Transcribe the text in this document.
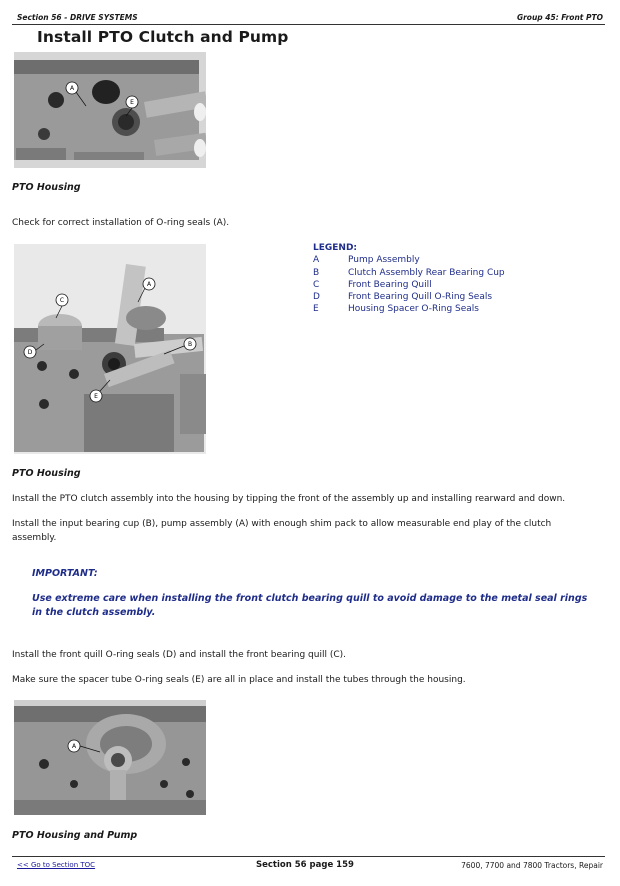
Section 56 - DRIVE SYSTEMS	Group 45: Front PTO
Install PTO Clutch and Pump
A
E
PTO Housing
Check for correct installation of O-ring seals (A).
LEGEND:
A	Pump Assembly
B	Clutch Assembly Rear Bearing Cup
C	Front Bearing Quill
D	Front Bearing Quill O-Ring Seals
E	Housing Spacer O-Ring Seals
C
A
D
B
E
PTO Housing
Install the PTO clutch assembly into the housing by tipping the front of the assembly up and installing rearward and down.
Install the input bearing cup (B), pump assembly (A) with enough shim pack to allow measurable end play of the clutch assembly.
IMPORTANT:
Use extreme care when installing the front clutch bearing quill to avoid damage to the metal seal rings in the clutch assembly.
Install the front quill O-ring seals (D) and install the front bearing quill (C).
Make sure the spacer tube O-ring seals (E) are all in place and install the tubes through the housing.
A
PTO Housing and Pump
<< Go to Section TOC	Section 56 page 159	7600, 7700 and 7800 Tractors, Repair
